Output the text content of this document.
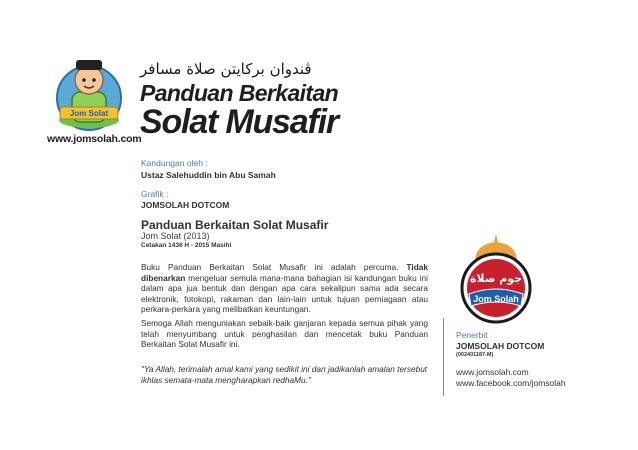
Jom Solat
www.jomsolah.com
ڤندوان بركايتن صلاة مسافر
Panduan Berkaitan
Solat Musafir
Kandungan oleh :
Ustaz Salehuddin bin Abu Samah
Grafik :
JOMSOLAH DOTCOM
Panduan Berkaitan Solat Musafir
Jom Solat (2013)
Cetakan 1436 H - 2015 Masihi
Buku Panduan Berkaitan Solat Musafir ini adalah percuma. Tidak dibenarkan mengeluar semula mana-mana bahagian isi kandungan buku ini dalam apa jua bentuk dan dengan apa cara sekalipun sama ada secara elektronik, fotokopi, rakaman dan lain-lain untuk tujuan perniagaan atau perkara-perkara yang melibatkan keuntungan.
Semoga Allah menguniakan sebaik-baik ganjaran kepada semua pihak yang telah menyumbang untuk penghasilan dan mencetak buku Panduan Berkaitan Solat Musafir ini.
"Ya Allah, terimalah amal kami yang sedikit ini dan jadikanlah amalan tersebut ikhlas semata-mata mengharapkan redhaMu."
جوم صلاة
Jom Solah
Penerbit
JOMSOLAH DOTCOM
(002401187-M)
www.jomsolah.com
www.facebook.com/jomsolah
